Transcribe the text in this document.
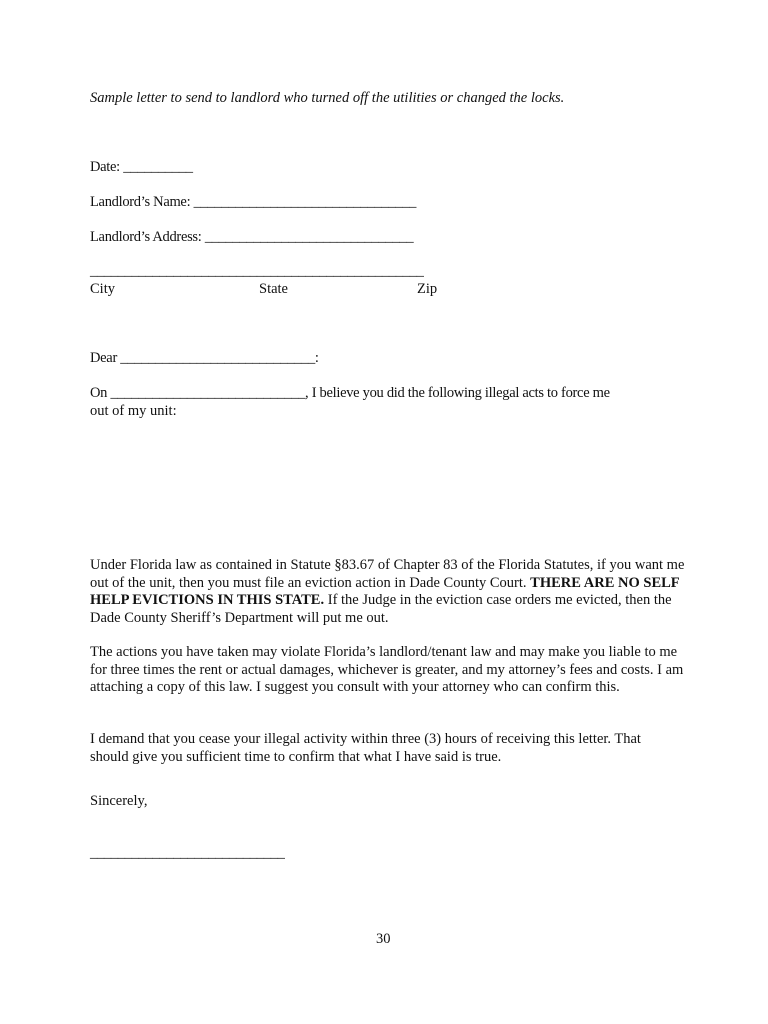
Sample letter to send to landlord who turned off the utilities or changed the locks.
Date: __________
Landlord’s Name: ________________________________
Landlord’s Address: ______________________________
________________________________________________
City	State	Zip
Dear ____________________________:
On ____________________________, I believe you did the following illegal acts to force me
out of my unit:
Under Florida law as contained in Statute §83.67 of Chapter 83 of the Florida Statutes, if you want me out of the unit, then you must file an eviction action in Dade County Court. THERE ARE NO SELF HELP EVICTIONS IN THIS STATE. If the Judge in the eviction case orders me evicted, then the Dade County Sheriff’s Department will put me out.
The actions you have taken may violate Florida’s landlord/tenant law and may make you liable to me for three times the rent or actual damages, whichever is greater, and my attorney’s fees and costs. I am attaching a copy of this law. I suggest you consult with your attorney who can confirm this.
I demand that you cease your illegal activity within three (3) hours of receiving this letter. That should give you sufficient time to confirm that what I have said is true.
Sincerely,
____________________________
30
